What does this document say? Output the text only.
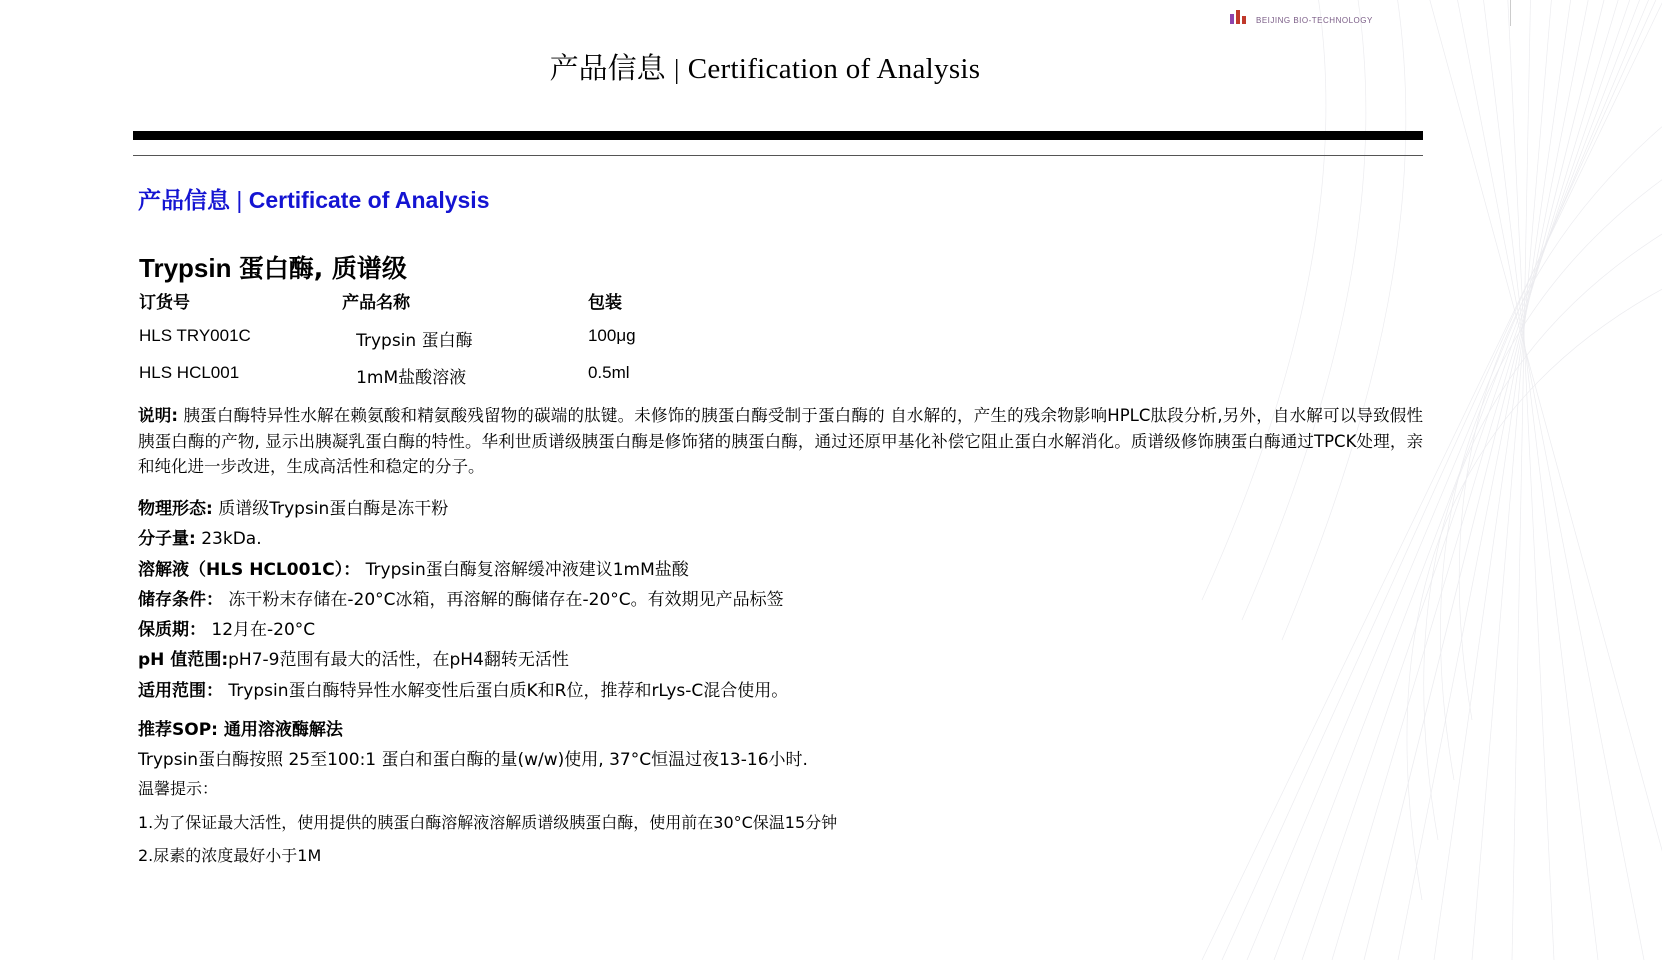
BEIJING BIO-TECHNOLOGY
产品信息 | Certification of Analysis
产品信息 | Certificate of Analysis
Trypsin 蛋白酶, 质谱级
订货号	产品名称	包装
HLS TRY001C	Trypsin 蛋白酶	100μg
HLS HCL001	1mM盐酸溶液	0.5ml
说明: 胰蛋白酶特异性水解在赖氨酸和精氨酸残留物的碳端的肽键。未修饰的胰蛋白酶受制于蛋白酶的 自水解的，产生的残余物影响HPLC肽段分析,另外，自水解可以导致假性胰蛋白酶的产物, 显示出胰凝乳蛋白酶的特性。华利世质谱级胰蛋白酶是修饰猪的胰蛋白酶，通过还原甲基化补偿它阻止蛋白水解消化。质谱级修饰胰蛋白酶通过TPCK处理，亲和纯化进一步改进，生成高活性和稳定的分子。
物理形态: 质谱级Trypsin蛋白酶是冻干粉
分子量: 23kDa.
溶解液（HLS HCL001C）： Trypsin蛋白酶复溶解缓冲液建议1mM盐酸
储存条件： 冻干粉末存储在-20°C冰箱，再溶解的酶储存在-20°C。有效期见产品标签
保质期： 12月在-20°C
pH 值范围:pH7-9范围有最大的活性，在pH4翻转无活性
适用范围： Trypsin蛋白酶特异性水解变性后蛋白质K和R位，推荐和rLys-C混合使用。
推荐SOP: 通用溶液酶解法
Trypsin蛋白酶按照 25至100:1 蛋白和蛋白酶的量(w/w)使用, 37°C恒温过夜13-16小时.
温馨提示：
1.为了保证最大活性，使用提供的胰蛋白酶溶解液溶解质谱级胰蛋白酶，使用前在30°C保温15分钟
2.尿素的浓度最好小于1M
